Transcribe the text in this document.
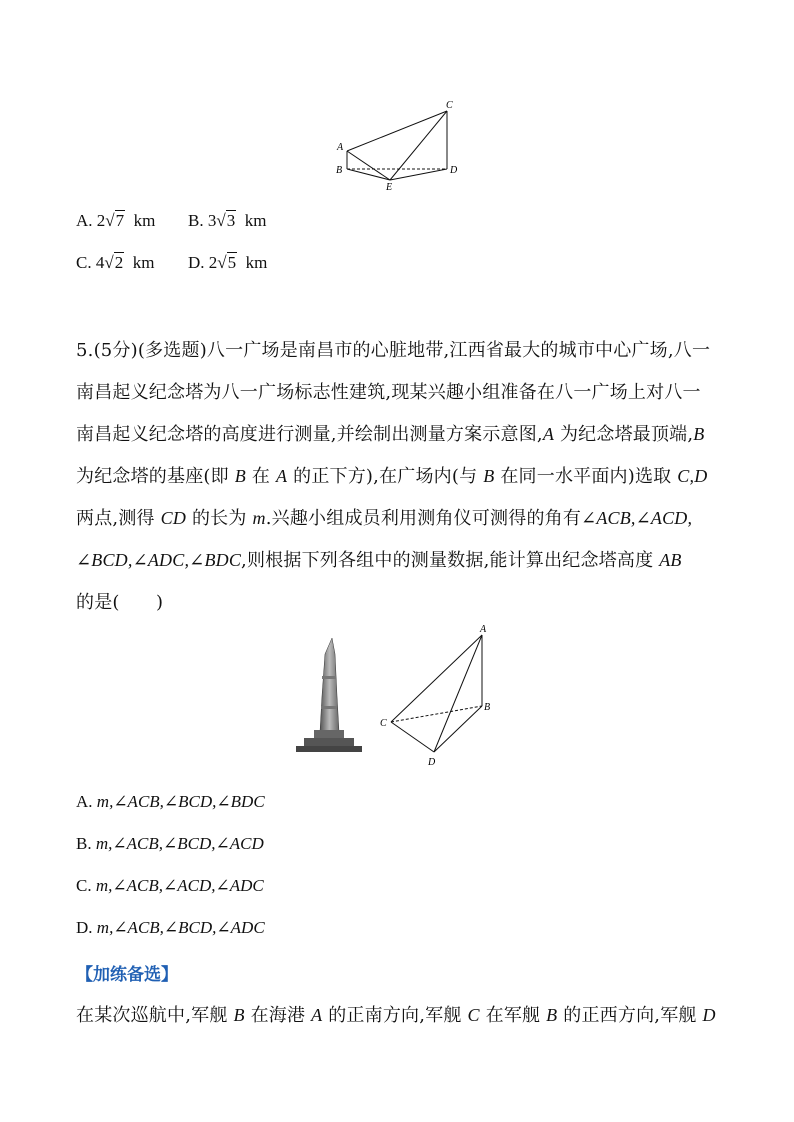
A
B
C
D
E
A. 2√7 km B. 3√3 km
C. 4√2 km D. 2√5 km
5.(5分)(多选题)八一广场是南昌市的心脏地带,江西省最大的城市中心广场,八一
南昌起义纪念塔为八一广场标志性建筑,现某兴趣小组准备在八一广场上对八一
南昌起义纪念塔的高度进行测量,并绘制出测量方案示意图,A 为纪念塔最顶端,B
为纪念塔的基座(即 B 在 A 的正下方),在广场内(与 B 在同一水平面内)选取 C,D
两点,测得 CD 的长为 m.兴趣小组成员利用测角仪可测得的角有∠ACB,∠ACD,
∠BCD,∠ADC,∠BDC,则根据下列各组中的测量数据,能计算出纪念塔高度 AB
的是(　　)
A
B
C
D
A. m,∠ACB,∠BCD,∠BDC
B. m,∠ACB,∠BCD,∠ACD
C. m,∠ACB,∠ACD,∠ADC
D. m,∠ACB,∠BCD,∠ADC
【加练备选】
在某次巡航中,军舰 B 在海港 A 的正南方向,军舰 C 在军舰 B 的正西方向,军舰 D
